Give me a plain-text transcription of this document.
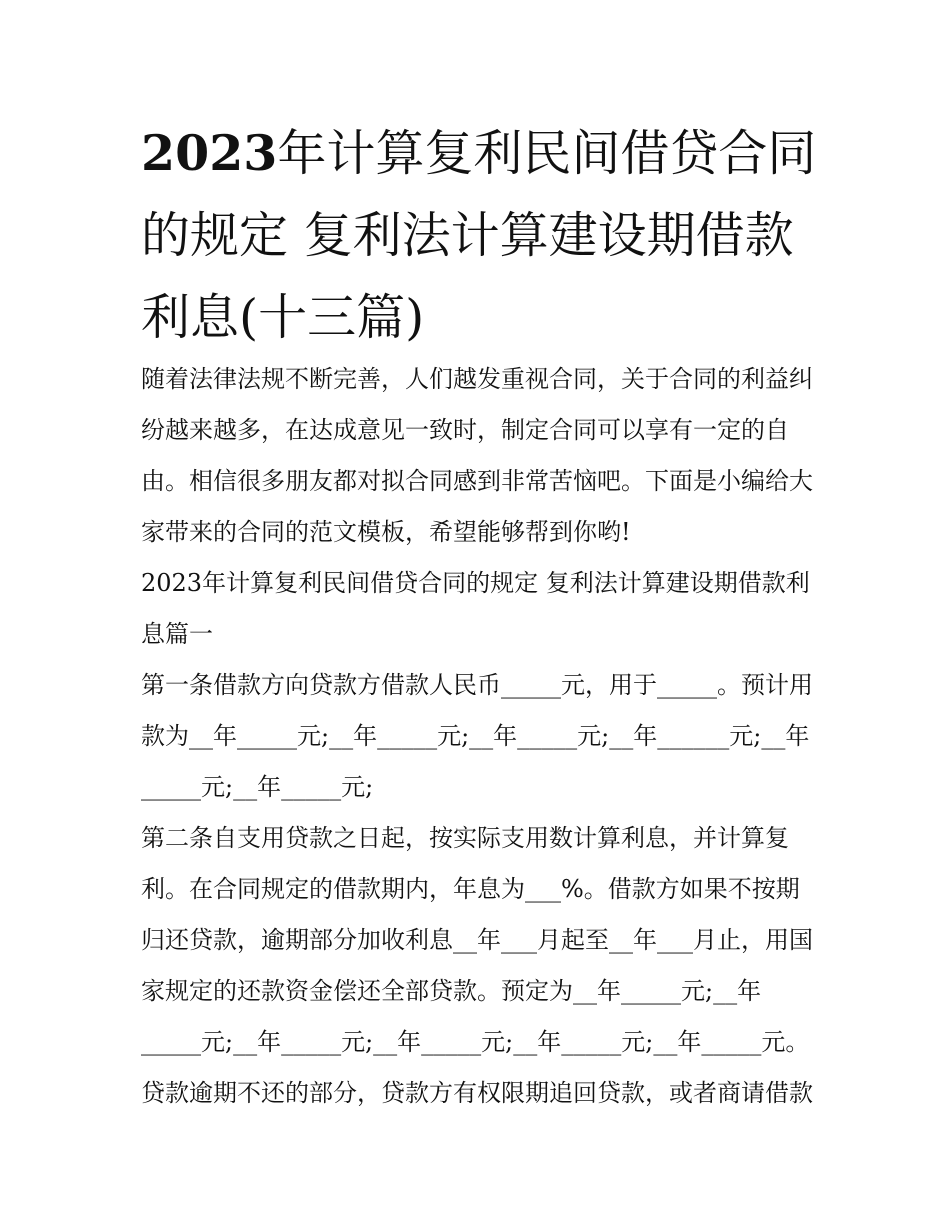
2023年计算复利民间借贷合同的规定 复利法计算建设期借款利息(十三篇)

随着法律法规不断完善，人们越发重视合同，关于合同的利益纠纷越来越多，在达成意见一致时，制定合同可以享有一定的自由。相信很多朋友都对拟合同感到非常苦恼吧。下面是小编给大家带来的合同的范文模板，希望能够帮到你哟!

2023年计算复利民间借贷合同的规定 复利法计算建设期借款利息篇一

第一条借款方向贷款方借款人民币_____元，用于_____。预计用款为__年_____元;__年_____元;__年_____元;__年______元;__年_____元;__年_____元;

第二条自支用贷款之日起，按实际支用数计算利息，并计算复利。在合同规定的借款期内，年息为___%。借款方如果不按期归还贷款，逾期部分加收利息__年___月起至__年___月止，用国家规定的还款资金偿还全部贷款。预定为__年_____元;__年_____元;__年_____元;__年_____元;__年_____元;__年_____元。贷款逾期不还的部分，贷款方有权限期追回贷款，或者商请借款
